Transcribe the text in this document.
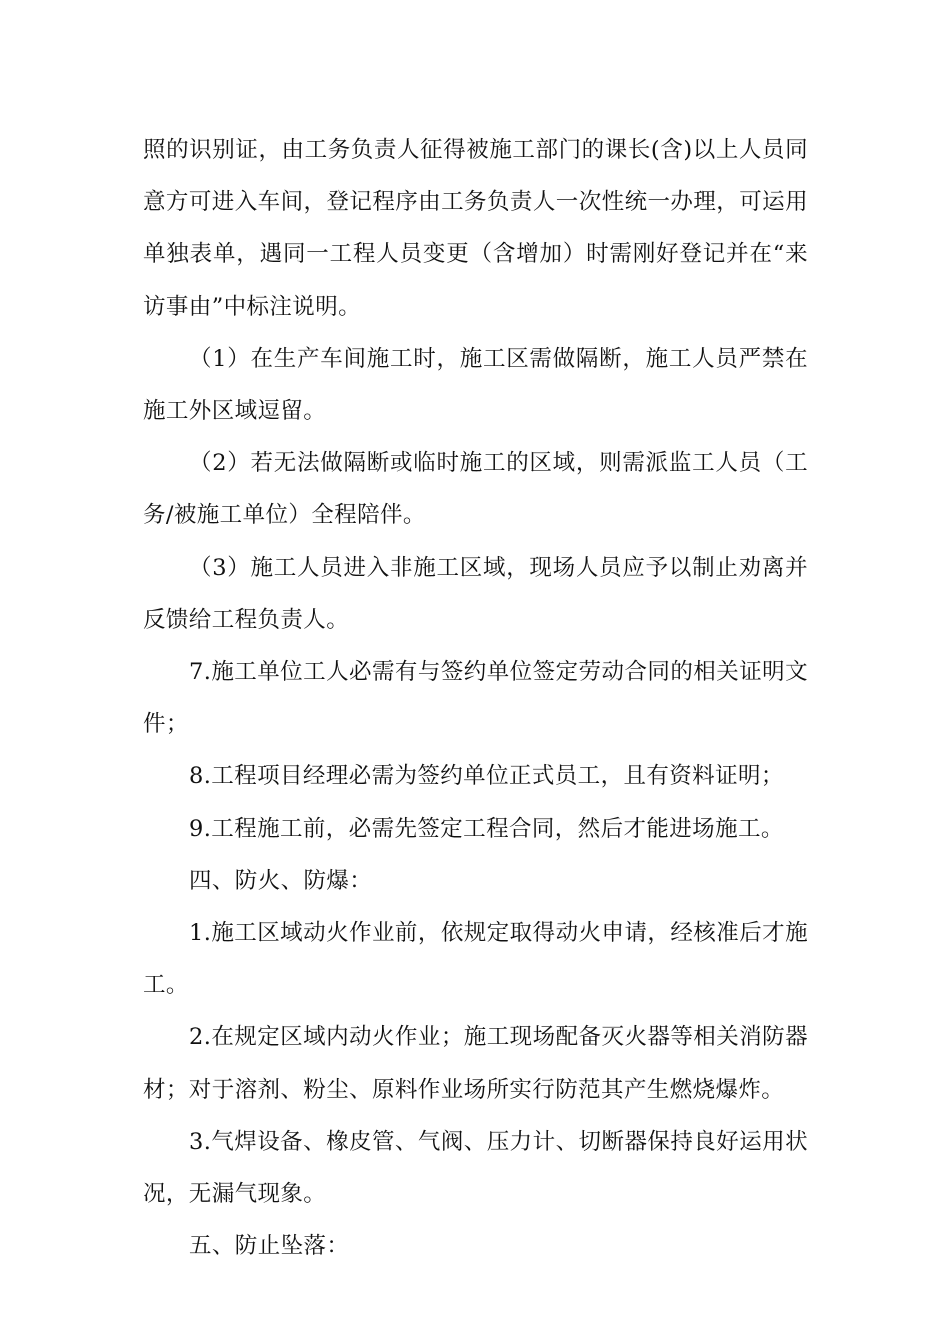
照的识别证，由工务负责人征得被施工部门的课长(含)以上人员同意方可进入车间，登记程序由工务负责人一次性统一办理，可运用单独表单，遇同一工程人员变更（含增加）时需刚好登记并在“来访事由”中标注说明。

（1）在生产车间施工时，施工区需做隔断，施工人员严禁在施工外区域逗留。

（2）若无法做隔断或临时施工的区域，则需派监工人员（工务/被施工单位）全程陪伴。

（3）施工人员进入非施工区域，现场人员应予以制止劝离并反馈给工程负责人。

7.施工单位工人必需有与签约单位签定劳动合同的相关证明文件；

8.工程项目经理必需为签约单位正式员工，且有资料证明；

9.工程施工前，必需先签定工程合同，然后才能进场施工。

四、防火、防爆：

1.施工区域动火作业前，依规定取得动火申请，经核准后才施工。

2.在规定区域内动火作业；施工现场配备灭火器等相关消防器材；对于溶剂、粉尘、原料作业场所实行防范其产生燃烧爆炸。

3.气焊设备、橡皮管、气阀、压力计、切断器保持良好运用状况，无漏气现象。

五、防止坠落：
